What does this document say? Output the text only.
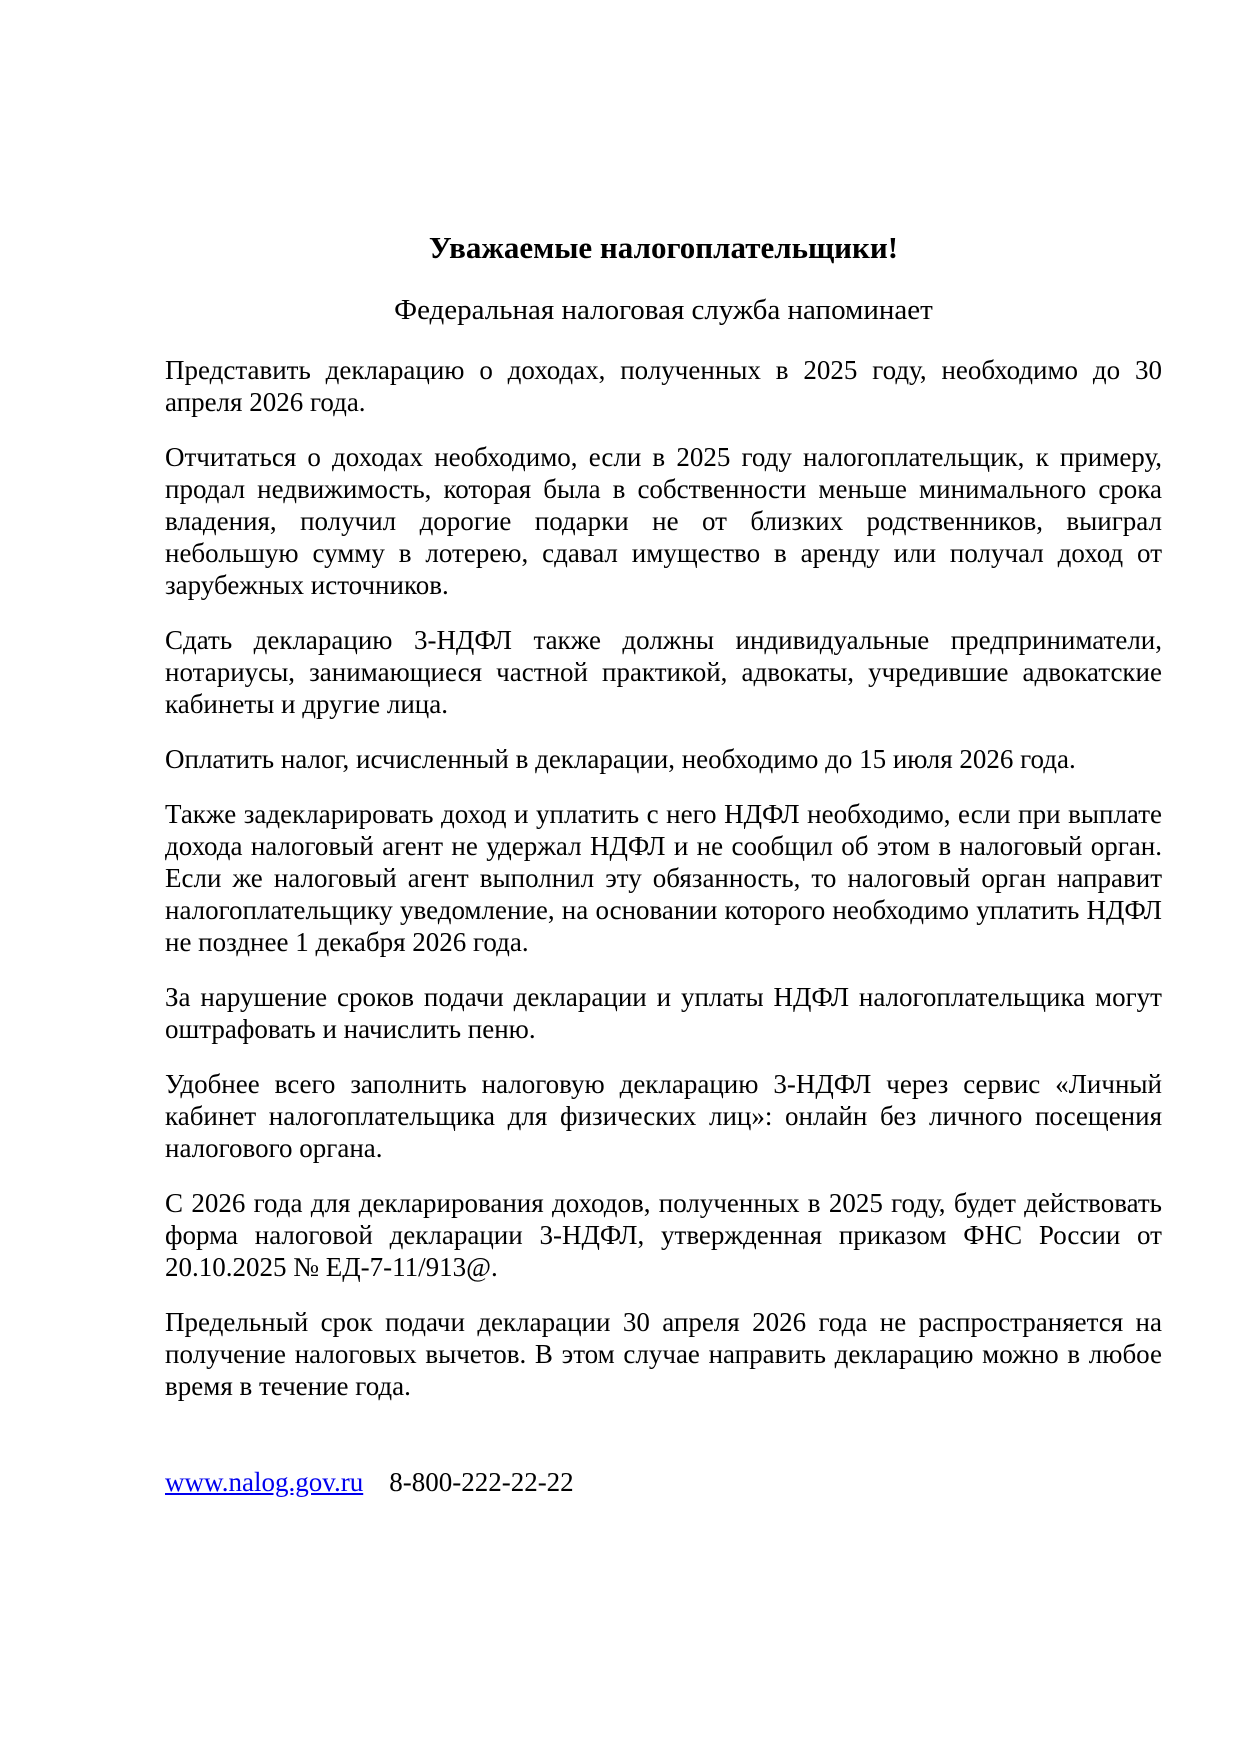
Уважаемые налогоплательщики!
Федеральная налоговая служба напоминает

Представить декларацию о доходах, полученных в 2025 году, необходимо до 30 апреля 2026 года.

Отчитаться о доходах необходимо, если в 2025 году налогоплательщик, к примеру, продал недвижимость, которая была в собственности меньше минимального срока владения, получил дорогие подарки не от близких родственников, выиграл небольшую сумму в лотерею, сдавал имущество в аренду или получал доход от зарубежных источников.

Сдать декларацию 3-НДФЛ также должны индивидуальные предприниматели, нотариусы, занимающиеся частной практикой, адвокаты, учредившие адвокатские кабинеты и другие лица.

Оплатить налог, исчисленный в декларации, необходимо до 15 июля 2026 года.

Также задекларировать доход и уплатить с него НДФЛ необходимо, если при выплате дохода налоговый агент не удержал НДФЛ и не сообщил об этом в налоговый орган. Если же налоговый агент выполнил эту обязанность, то налоговый орган направит налогоплательщику уведомление, на основании которого необходимо уплатить НДФЛ не позднее 1 декабря 2026 года.

За нарушение сроков подачи декларации и уплаты НДФЛ налогоплательщика могут оштрафовать и начислить пеню.

Удобнее всего заполнить налоговую декларацию 3-НДФЛ через сервис «Личный кабинет налогоплательщика для физических лиц»: онлайн без личного посещения налогового органа.

С 2026 года для декларирования доходов, полученных в 2025 году, будет действовать форма налоговой декларации 3-НДФЛ, утвержденная приказом ФНС России от 20.10.2025 № ЕД-7-11/913@.

Предельный срок подачи декларации 30 апреля 2026 года не распространяется на получение налоговых вычетов. В этом случае направить декларацию можно в любое время в течение года.

www.nalog.gov.ru 8-800-222-22-22
